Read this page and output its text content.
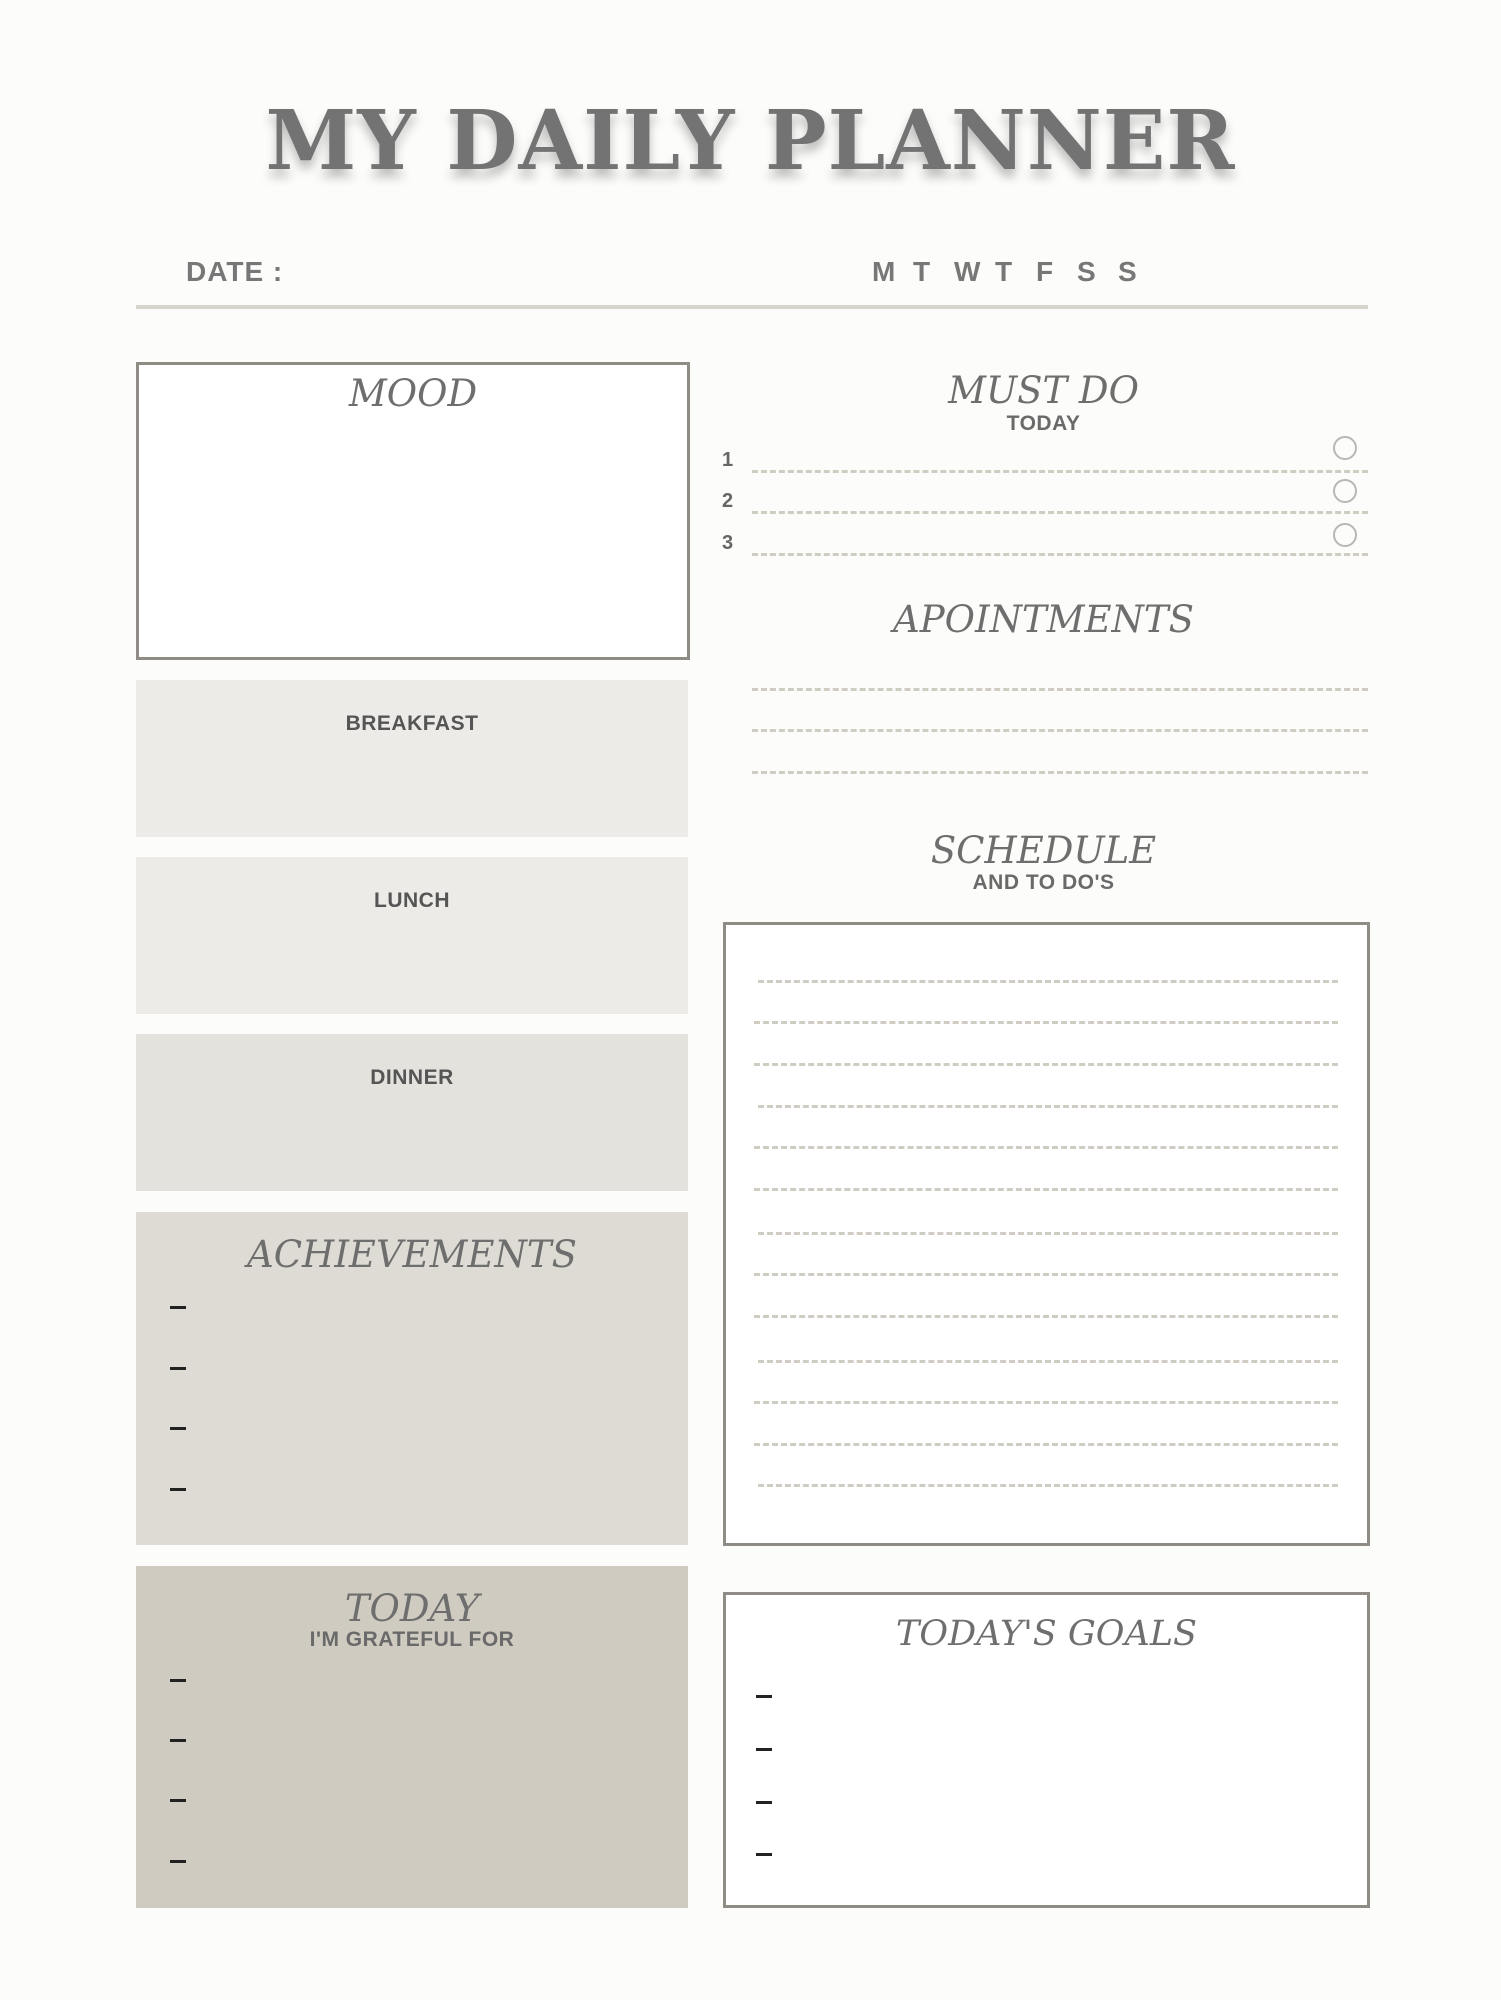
MY DAILY PLANNER
DATE :	M T W T F S S
MOOD
BREAKFAST
LUNCH
DINNER
ACHIEVEMENTS
TODAY
I'M GRATEFUL FOR
MUST DO
TODAY
1
2
3
APOINTMENTS
SCHEDULE
AND TO DO'S
TODAY'S GOALS
